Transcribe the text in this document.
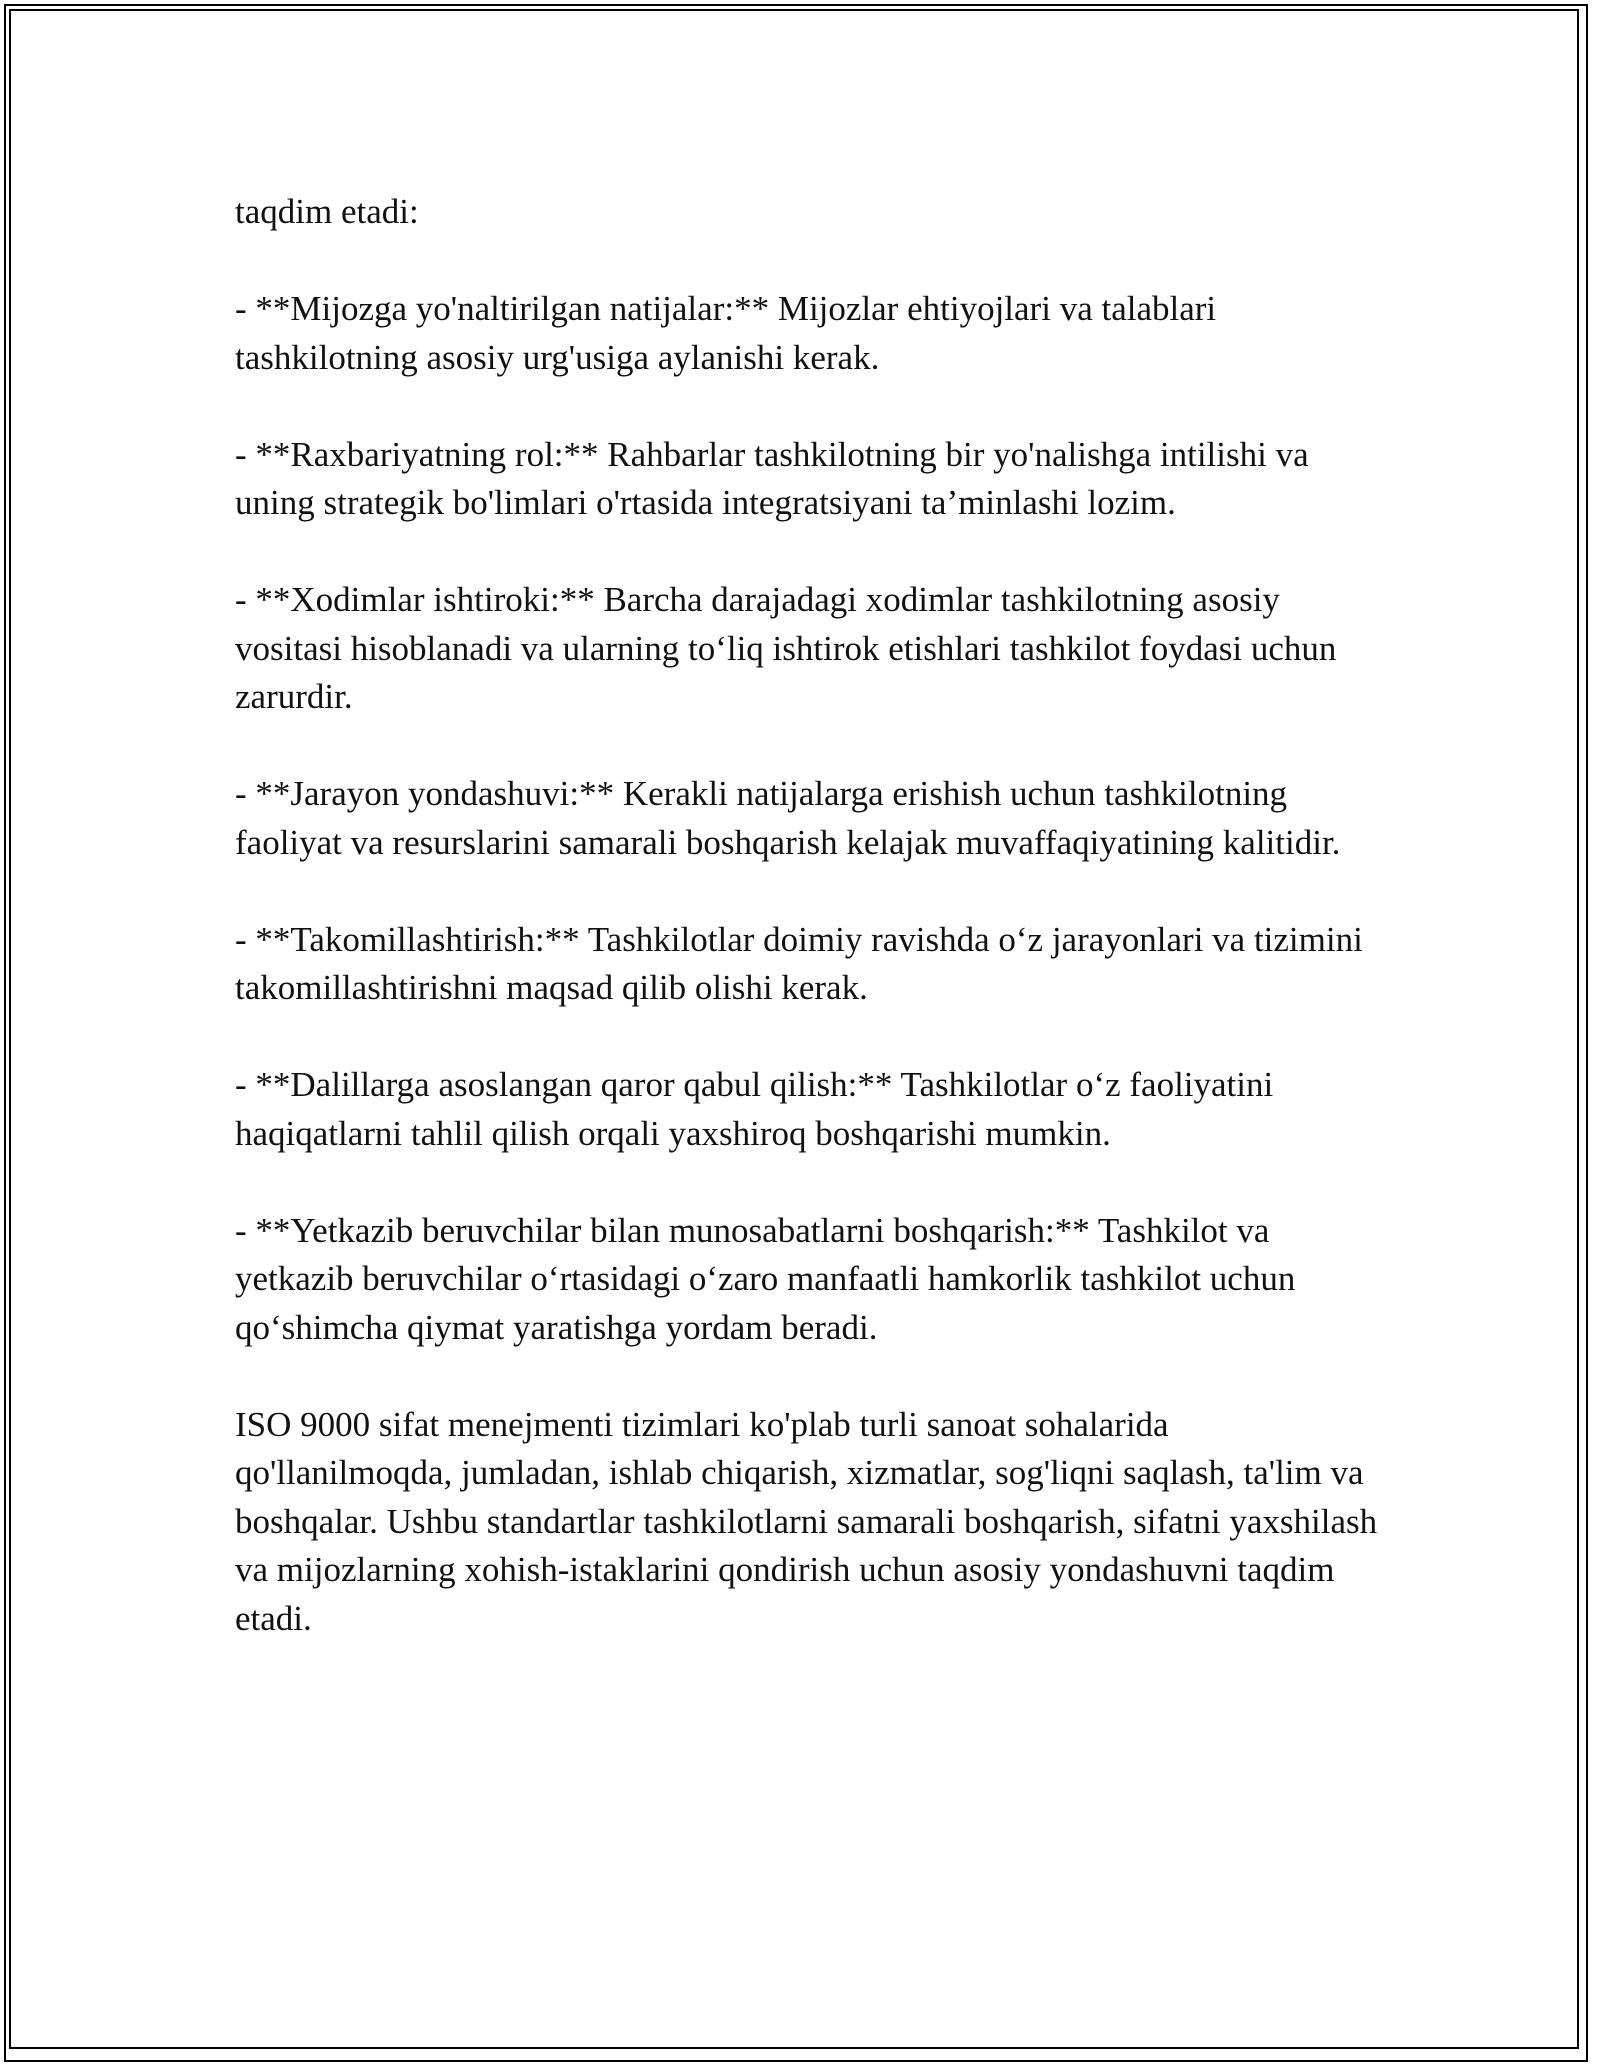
taqdim etadi:

- **Mijozga yo'naltirilgan natijalar:** Mijozlar ehtiyojlari va talablari tashkilotning asosiy urg'usiga aylanishi kerak.

- **Raxbariyatning rol:** Rahbarlar tashkilotning bir yo'nalishga intilishi va uning strategik bo'limlari o'rtasida integratsiyani ta’minlashi lozim.

- **Xodimlar ishtiroki:** Barcha darajadagi xodimlar tashkilotning asosiy vositasi hisoblanadi va ularning to‘liq ishtirok etishlari tashkilot foydasi uchun zarurdir.

- **Jarayon yondashuvi:** Kerakli natijalarga erishish uchun tashkilotning faoliyat va resurslarini samarali boshqarish kelajak muvaffaqiyatining kalitidir.

- **Takomillashtirish:** Tashkilotlar doimiy ravishda o‘z jarayonlari va tizimini takomillashtirishni maqsad qilib olishi kerak.

- **Dalillarga asoslangan qaror qabul qilish:** Tashkilotlar o‘z faoliyatini haqiqatlarni tahlil qilish orqali yaxshiroq boshqarishi mumkin.

- **Yetkazib beruvchilar bilan munosabatlarni boshqarish:** Tashkilot va yetkazib beruvchilar o‘rtasidagi o‘zaro manfaatli hamkorlik tashkilot uchun qo‘shimcha qiymat yaratishga yordam beradi.

ISO 9000 sifat menejmenti tizimlari ko'plab turli sanoat sohalarida qo'llanilmoqda, jumladan, ishlab chiqarish, xizmatlar, sog'liqni saqlash, ta'lim va boshqalar. Ushbu standartlar tashkilotlarni samarali boshqarish, sifatni yaxshilash va mijozlarning xohish-istaklarini qondirish uchun asosiy yondashuvni taqdim etadi.
